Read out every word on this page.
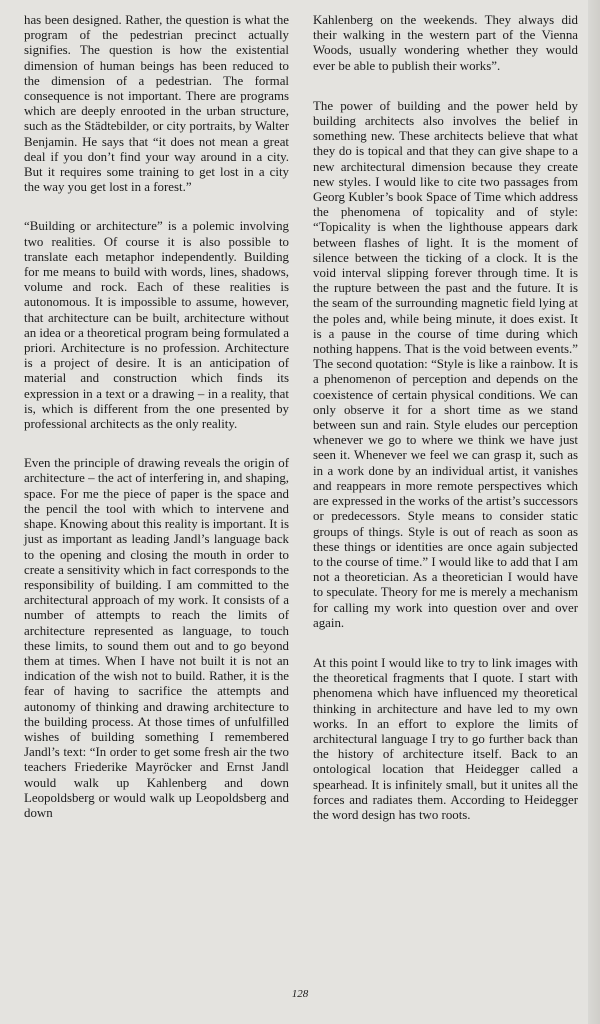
has been designed. Rather, the question is what the program of the pedestrian precinct actually signifies. The question is how the existential dimension of human beings has been reduced to the dimension of a pedestrian. The formal consequence is not important. There are programs which are deeply enrooted in the urban structure, such as the Städtebilder, or city portraits, by Walter Benjamin. He says that “it does not mean a great deal if you don’t find your way around in a city. But it requires some training to get lost in a city the way you get lost in a forest.”

“Building or architecture” is a polemic involving two realities. Of course it is also possible to translate each metaphor independently. Building for me means to build with words, lines, shadows, volume and rock. Each of these realities is autonomous. It is impossible to assume, however, that architecture can be built, architecture without an idea or a theoretical program being formulated a priori. Architecture is no profession. Architecture is a project of desire. It is an anticipation of material and construction which finds its expression in a text or a drawing – in a reality, that is, which is different from the one presented by professional architects as the only reality.

Even the principle of drawing reveals the origin of architecture – the act of interfering in, and shaping, space. For me the piece of paper is the space and the pencil the tool with which to intervene and shape. Knowing about this reality is important. It is just as important as leading Jandl’s language back to the opening and closing the mouth in order to create a sensitivity which in fact corresponds to the responsibility of building. I am committed to the architectural approach of my work. It consists of a number of attempts to reach the limits of architecture represented as language, to touch these limits, to sound them out and to go beyond them at times. When I have not built it is not an indication of the wish not to build. Rather, it is the fear of having to sacrifice the attempts and autonomy of thinking and drawing architecture to the building process. At those times of unfulfilled wishes of building something I remembered Jandl’s text: “In order to get some fresh air the two teachers Friederike Mayröcker and Ernst Jandl would walk up Kahlenberg and down Leopoldsberg or would walk up Leopoldsberg and down

Kahlenberg on the weekends. They always did their walking in the western part of the Vienna Woods, usually wondering whether they would ever be able to publish their works”.

The power of building and the power held by building architects also involves the belief in something new. These architects believe that what they do is topical and that they can give shape to a new architectural dimension because they create new styles. I would like to cite two passages from Georg Kubler’s book Space of Time which address the phenomena of topicality and of style: “Topicality is when the lighthouse appears dark between flashes of light. It is the moment of silence between the ticking of a clock. It is the void interval slipping forever through time. It is the rupture between the past and the future. It is the seam of the surrounding magnetic field lying at the poles and, while being minute, it does exist. It is a pause in the course of time during which nothing happens. That is the void between events.” The second quotation: “Style is like a rainbow. It is a phenomenon of perception and depends on the coexistence of certain physical conditions. We can only observe it for a short time as we stand between sun and rain. Style eludes our perception whenever we go to where we think we have just seen it. Whenever we feel we can grasp it, such as in a work done by an individual artist, it vanishes and reappears in more remote perspectives which are expressed in the works of the artist’s successors or predecessors. Style means to consider static groups of things. Style is out of reach as soon as these things or identities are once again subjected to the course of time.” I would like to add that I am not a theoretician. As a theoretician I would have to speculate. Theory for me is merely a mechanism for calling my work into question over and over again.

At this point I would like to try to link images with the theoretical fragments that I quote. I start with phenomena which have influenced my theoretical thinking in architecture and have led to my own works. In an effort to explore the limits of architectural language I try to go further back than the history of architecture itself. Back to an ontological location that Heidegger called a spearhead. It is infinitely small, but it unites all the forces and radiates them. According to Heidegger the word design has two roots.

128
